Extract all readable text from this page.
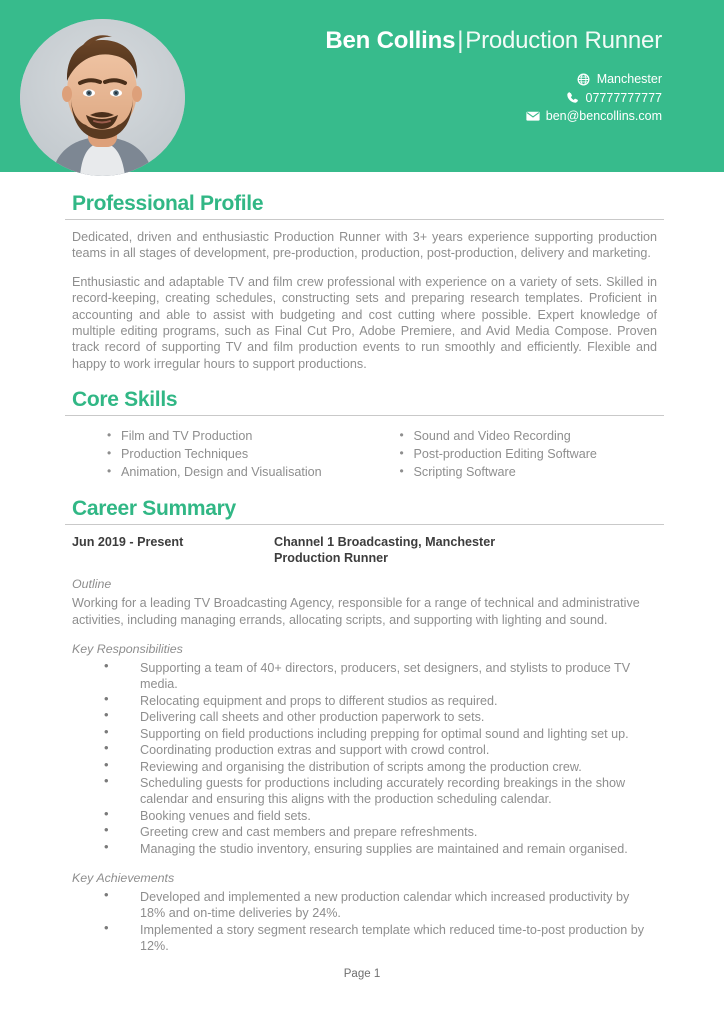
Ben Collins|Production Runner
Manchester
07777777777
ben@bencollins.com
Professional Profile

Dedicated, driven and enthusiastic Production Runner with 3+ years experience supporting production teams in all stages of development, pre-production, production, post-production, delivery and marketing.

Enthusiastic and adaptable TV and film crew professional with experience on a variety of sets. Skilled in record-keeping, creating schedules, constructing sets and preparing research templates. Proficient in accounting and able to assist with budgeting and cost cutting where possible. Expert knowledge of multiple editing programs, such as Final Cut Pro, Adobe Premiere, and Avid Media Compose. Proven track record of supporting TV and film production events to run smoothly and efficiently. Flexible and happy to work irregular hours to support productions.

Core Skills
• Film and TV Production
• Production Techniques
• Animation, Design and Visualisation
• Sound and Video Recording
• Post-production Editing Software
• Scripting Software
Career Summary
Jun 2019 - Present	Channel 1 Broadcasting, Manchester
Production Runner
Outline

Working for a leading TV Broadcasting Agency, responsible for a range of technical and administrative activities, including managing errands, allocating scripts, and supporting with lighting and sound.

Key Responsibilities
• Supporting a team of 40+ directors, producers, set designers, and stylists to produce TV media.
• Relocating equipment and props to different studios as required.
• Delivering call sheets and other production paperwork to sets.
• Supporting on field productions including prepping for optimal sound and lighting set up.
• Coordinating production extras and support with crowd control.
• Reviewing and organising the distribution of scripts among the production crew.
• Scheduling guests for productions including accurately recording breakings in the show calendar and ensuring this aligns with the production scheduling calendar.
• Booking venues and field sets.
• Greeting crew and cast members and prepare refreshments.
• Managing the studio inventory, ensuring supplies are maintained and remain organised.
Key Achievements
• Developed and implemented a new production calendar which increased productivity by 18% and on-time deliveries by 24%.
• Implemented a story segment research template which reduced time-to-post production by 12%.
Page 1
